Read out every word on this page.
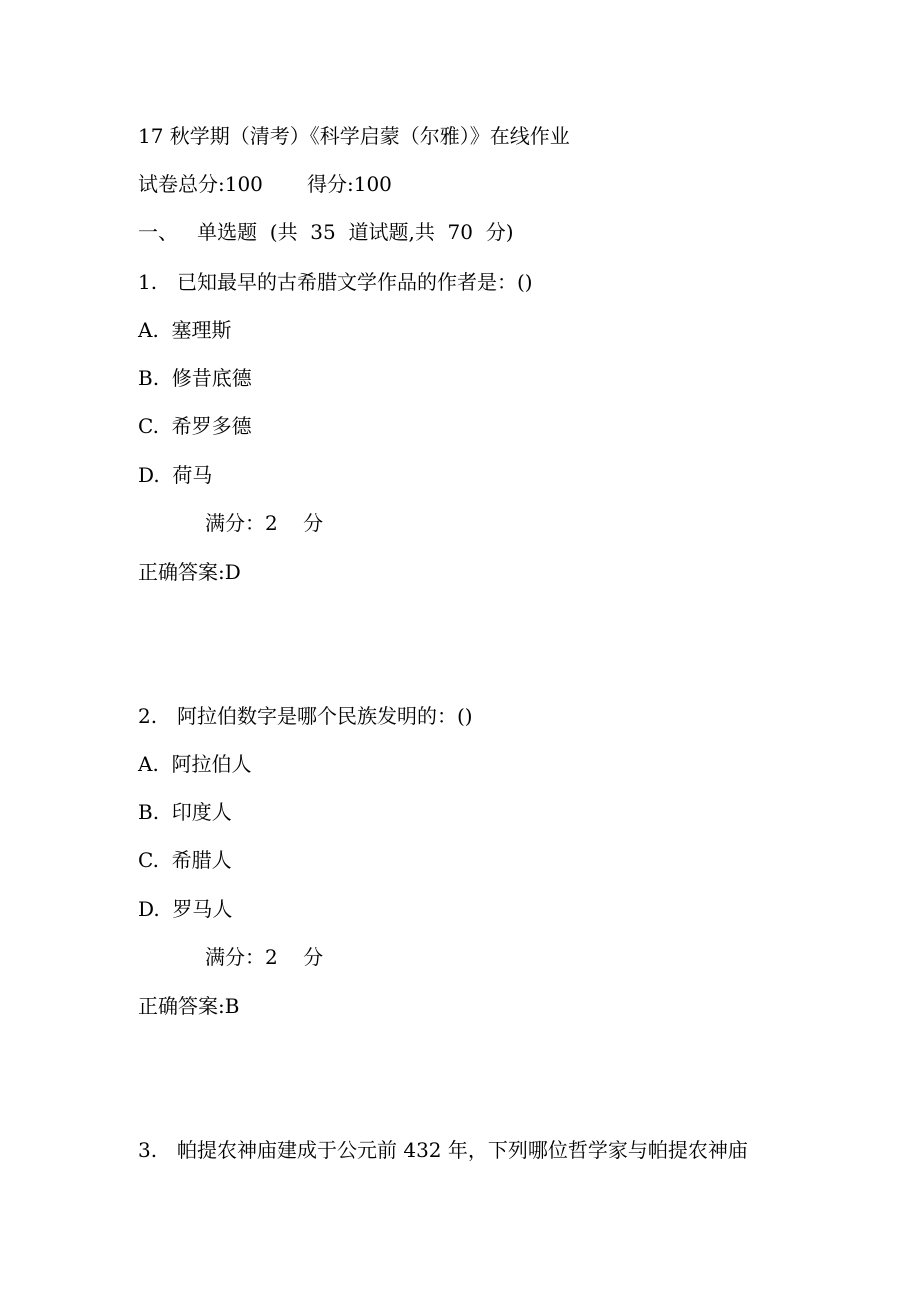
17 秋学期（清考）《科学启蒙（尔雅）》在线作业
试卷总分:100 得分:100
一、   单选题  (共  35  道试题,共  70  分)
1. 已知最早的古希腊文学作品的作者是：()
A.  塞理斯
B.  修昔底德
C.  希罗多德
D.  荷马
满分：2    分
正确答案:D
2. 阿拉伯数字是哪个民族发明的：()
A.  阿拉伯人
B.  印度人
C.  希腊人
D.  罗马人
满分：2    分
正确答案:B
3. 帕提农神庙建成于公元前 432 年，下列哪位哲学家与帕提农神庙
